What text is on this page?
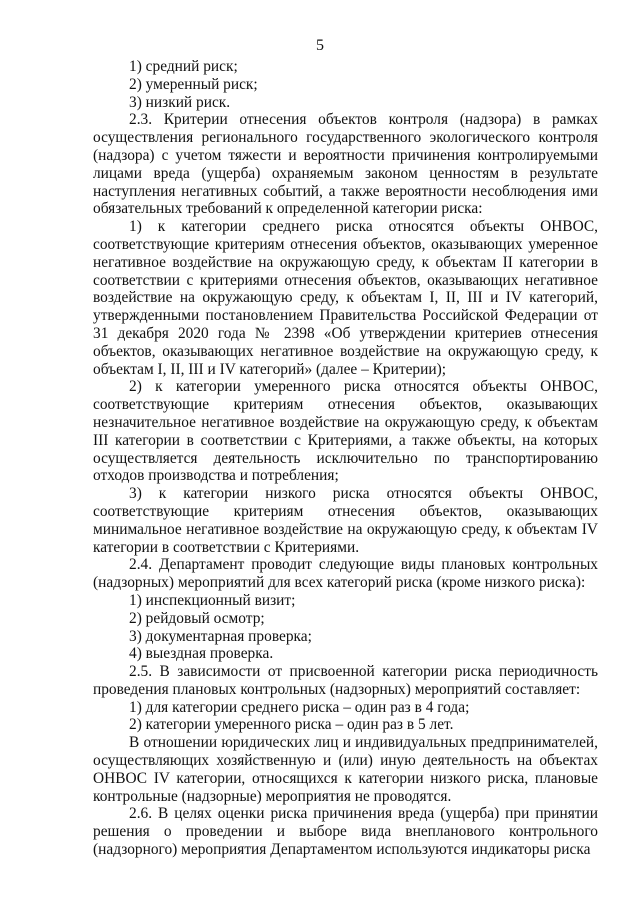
5

1) средний риск;

2) умеренный риск;

3) низкий риск.

2.3. Критерии отнесения объектов контроля (надзора) в рамках осуществления регионального государственного экологического контроля (надзора) с учетом тяжести и вероятности причинения контролируемыми лицами вреда (ущерба) охраняемым законом ценностям в результате наступления негативных событий, а также вероятности несоблюдения ими обязательных требований к определенной категории риска:

1) к категории среднего риска относятся объекты ОНВОС, соответствующие критериям отнесения объектов, оказывающих умеренное негативное воздействие на окружающую среду, к объектам II категории в соответствии с критериями отнесения объектов, оказывающих негативное воздействие на окружающую среду, к объектам I, II, III и IV категорий, утвержденными постановлением Правительства Российской Федерации от 31 декабря 2020 года № 2398 «Об утверждении критериев отнесения объектов, оказывающих негативное воздействие на окружающую среду, к объектам I, II, III и IV категорий» (далее – Критерии);

2) к категории умеренного риска относятся объекты ОНВОС, соответствующие критериям отнесения объектов, оказывающих незначительное негативное воздействие на окружающую среду, к объектам III категории в соответствии с Критериями, а также объекты, на которых осуществляется деятельность исключительно по транспортированию отходов производства и потребления;

3) к категории низкого риска относятся объекты ОНВОС, соответствующие критериям отнесения объектов, оказывающих минимальное негативное воздействие на окружающую среду, к объектам IV категории в соответствии с Критериями.

2.4. Департамент проводит следующие виды плановых контрольных (надзорных) мероприятий для всех категорий риска (кроме низкого риска):

1) инспекционный визит;

2) рейдовый осмотр;

3) документарная проверка;

4) выездная проверка.

2.5. В зависимости от присвоенной категории риска периодичность проведения плановых контрольных (надзорных) мероприятий составляет:

1) для категории среднего риска – один раз в 4 года;

2) категории умеренного риска – один раз в 5 лет.

В отношении юридических лиц и индивидуальных предпринимателей, осуществляющих хозяйственную и (или) иную деятельность на объектах ОНВОС IV категории, относящихся к категории низкого риска, плановые контрольные (надзорные) мероприятия не проводятся.

2.6. В целях оценки риска причинения вреда (ущерба) при принятии решения о проведении и выборе вида внепланового контрольного (надзорного) мероприятия Департаментом используются индикаторы риска
